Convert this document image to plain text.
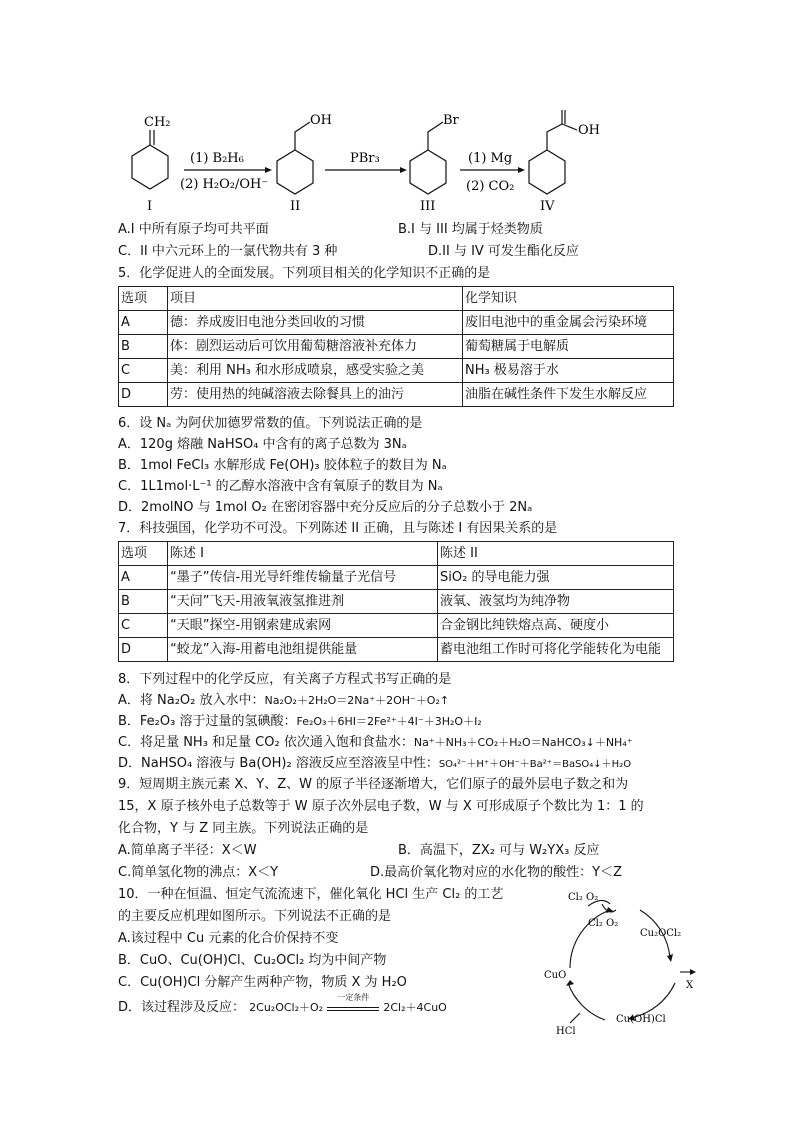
CH₂	OH	Br
OH
(1) B₂H₆
(2) H₂O₂/OH⁻
PBr₃	(1) Mg
(2) CO₂
I	II	III	IV
A.I 中所有原子均可共平面	B.I 与 III 均属于烃类物质
C．II 中六元环上的一氯代物共有 3 种	D.II 与 IV 可发生酯化反应
5．化学促进人的全面发展。下列项目相关的化学知识不正确的是
选项	项目	化学知识
A	德：养成废旧电池分类回收的习惯	废旧电池中的重金属会污染环境
B	体：剧烈运动后可饮用葡萄糖溶液补充体力	葡萄糖属于电解质
C	美：利用 NH₃ 和水形成喷泉，感受实验之美	NH₃ 极易溶于水
D	劳：使用热的纯碱溶液去除餐具上的油污	油脂在碱性条件下发生水解反应
6．设 Nₐ 为阿伏加德罗常数的值。下列说法正确的是
A．120g 熔融 NaHSO₄ 中含有的离子总数为 3Nₐ
B．1mol FeCl₃ 水解形成 Fe(OH)₃ 胶体粒子的数目为 Nₐ
C．1L1mol·L⁻¹ 的乙醇水溶液中含有氧原子的数目为 Nₐ
D．2molNO 与 1mol O₂ 在密闭容器中充分反应后的分子总数小于 2Nₐ
7．科技强国，化学功不可没。下列陈述 II 正确，且与陈述 I 有因果关系的是
选项	陈述 I	陈述 II
A	“墨子”传信-用光导纤维传输量子光信号	SiO₂ 的导电能力强
B	“天问”飞天-用液氧液氢推进剂	液氧、液氢均为纯净物
C	“天眼”探空-用钢索建成索网	合金钢比纯铁熔点高、硬度小
D	“蛟龙”入海-用蓄电池组提供能量	蓄电池组工作时可将化学能转化为电能
8．下列过程中的化学反应，有关离子方程式书写正确的是
A．将 Na₂O₂ 放入水中：Na₂O₂＋2H₂O＝2Na⁺＋2OH⁻＋O₂↑
B．Fe₂O₃ 溶于过量的氢碘酸：Fe₂O₃＋6HI＝2Fe²⁺＋4I⁻＋3H₂O＋I₂
C．将足量 NH₃ 和足量 CO₂ 依次通入饱和食盐水：Na⁺＋NH₃＋CO₂＋H₂O＝NaHCO₃↓＋NH₄⁺
D．NaHSO₄ 溶液与 Ba(OH)₂ 溶液反应至溶液呈中性：SO₄²⁻＋H⁺＋OH⁻＋Ba²⁺＝BaSO₄↓＋H₂O
9．短周期主族元素 X、Y、Z、W 的原子半径逐渐增大，它们原子的最外层电子数之和为
15，X 原子核外电子总数等于 W 原子次外层电子数，W 与 X 可形成原子个数比为 1：1 的
化合物，Y 与 Z 同主族。下列说法正确的是
A.简单离子半径：X＜W	B．高温下，ZX₂ 可与 W₂YX₃ 反应
C.简单氢化物的沸点：X＜Y	D.最高价氧化物对应的水化物的酸性：Y＜Z
10．一种在恒温、恒定气流流速下，催化氧化 HCl 生产 Cl₂ 的工艺
的主要反应机理如图所示。下列说法不正确的是
A.该过程中 Cu 元素的化合价保持不变
B．CuO、Cu(OH)Cl、Cu₂OCl₂ 均为中间产物
C．Cu(OH)Cl 分解产生两种产物，物质 X 为 H₂O
D．该过程涉及反应： 2Cu₂OCl₂＋O₂
一定条件
2Cl₂＋4CuO
Cl₂ O₂
Cl₂ O₂
Cu₂OCl₂
CuO
X
HCl
Cu(OH)Cl
